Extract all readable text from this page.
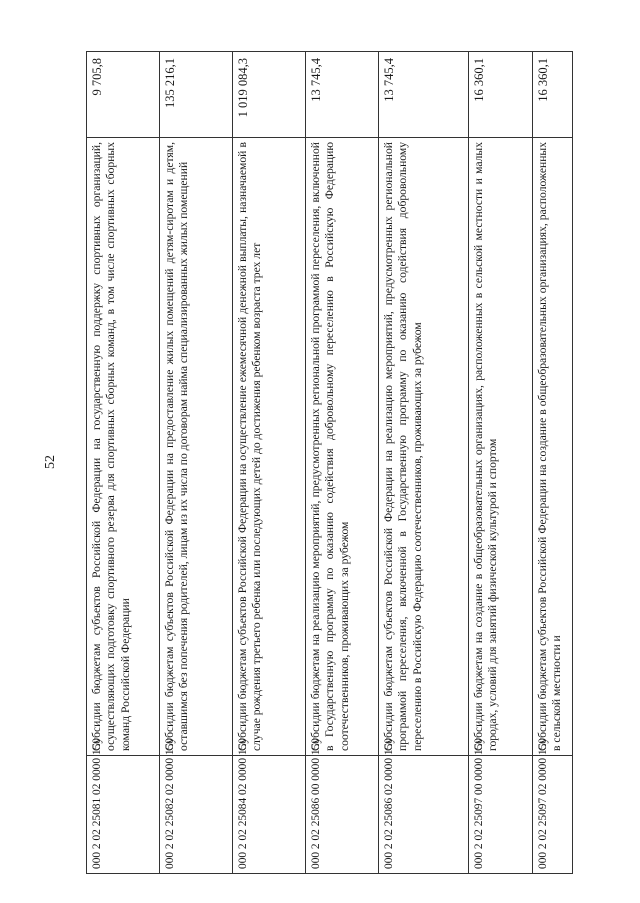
52
000 2 02 25081 02 0000 150	Субсидии бюджетам субъектов Российской Федерации на государственную поддержку спортивных организаций, осуществляющих подготовку спортивного резерва для спортивных сборных команд, в том числе спортивных сборных команд Российской Федерации	9 705,8
000 2 02 25082 02 0000 150	Субсидии бюджетам субъектов Российской Федерации на предоставление жилых помещений детям-сиротам и детям, оставшимся без попечения родителей, лицам из их числа по договорам найма специализированных жилых помещений	135 216,1
000 2 02 25084 02 0000 150	Субсидии бюджетам субъектов Российской Федерации на осуществление ежемесячной денежной выплаты, назначаемой в случае рождения третьего ребенка или последующих детей до достижения ребенком возраста трех лет	1 019 084,3
000 2 02 25086 00 0000 150	Субсидии бюджетам на реализацию мероприятий, предусмотренных региональной программой переселения, включенной в Государственную программу по оказанию содействия добровольному переселению в Российскую Федерацию соотечественников, проживающих за рубежом	13 745,4
000 2 02 25086 02 0000 150	Субсидии бюджетам субъектов Российской Федерации на реализацию мероприятий, предусмотренных региональной программой переселения, включенной в Государственную программу по оказанию содействия добровольному переселению в Российскую Федерацию соотечественников, проживающих за рубежом	13 745,4
000 2 02 25097 00 0000 150	Субсидии бюджетам на создание в общеобразовательных организациях, расположенных в сельской местности и малых городах, условий для занятий физической культурой и спортом	16 360,1
000 2 02 25097 02 0000 150	Субсидии бюджетам субъектов Российской Федерации на создание в общеобразовательных организациях, расположенных в сельской местности и	16 360,1
